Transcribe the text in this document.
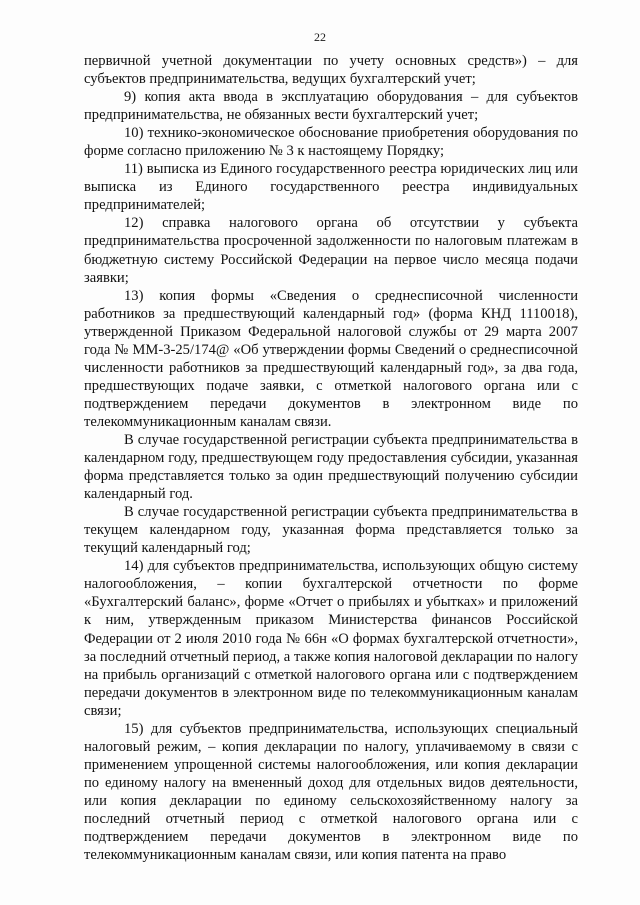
22

первичной учетной документации по учету основных средств») – для субъектов предпринимательства, ведущих бухгалтерский учет;

9) копия акта ввода в эксплуатацию оборудования – для субъектов предпринимательства, не обязанных вести бухгалтерский учет;

10) технико-экономическое обоснование приобретения оборудования по форме согласно приложению № 3 к настоящему Порядку;

11) выписка из Единого государственного реестра юридических лиц или выписка из Единого государственного реестра индивидуальных предпринимателей;

12) справка налогового органа об отсутствии у субъекта предпринимательства просроченной задолженности по налоговым платежам в бюджетную систему Российской Федерации на первое число месяца подачи заявки;

13) копия формы «Сведения о среднесписочной численности работников за предшествующий календарный год» (форма КНД 1110018), утвержденной Приказом Федеральной налоговой службы от 29 марта 2007 года № ММ-3-25/174@ «Об утверждении формы Сведений о среднесписочной численности работников за предшествующий календарный год», за два года, предшествующих подаче заявки, с отметкой налогового органа или с подтверждением передачи документов в электронном виде по телекоммуникационным каналам связи.

В случае государственной регистрации субъекта предпринимательства в календарном году, предшествующем году предоставления субсидии, указанная форма представляется только за один предшествующий получению субсидии календарный год.

В случае государственной регистрации субъекта предпринимательства в текущем календарном году, указанная форма представляется только за текущий календарный год;

14) для субъектов предпринимательства, использующих общую систему налогообложения, – копии бухгалтерской отчетности по форме «Бухгалтерский баланс», форме «Отчет о прибылях и убытках» и приложений к ним, утвержденным приказом Министерства финансов Российской Федерации от 2 июля 2010 года № 66н «О формах бухгалтерской отчетности», за последний отчетный период, а также копия налоговой декларации по налогу на прибыль организаций с отметкой налогового органа или с подтверждением передачи документов в электронном виде по телекоммуникационным каналам связи;

15) для субъектов предпринимательства, использующих специальный налоговый режим, – копия декларации по налогу, уплачиваемому в связи с применением упрощенной системы налогообложения, или копия декларации по единому налогу на вмененный доход для отдельных видов деятельности, или копия декларации по единому сельскохозяйственному налогу за последний отчетный период с отметкой налогового органа или с подтверждением передачи документов в электронном виде по телекоммуникационным каналам связи, или копия патента на право
